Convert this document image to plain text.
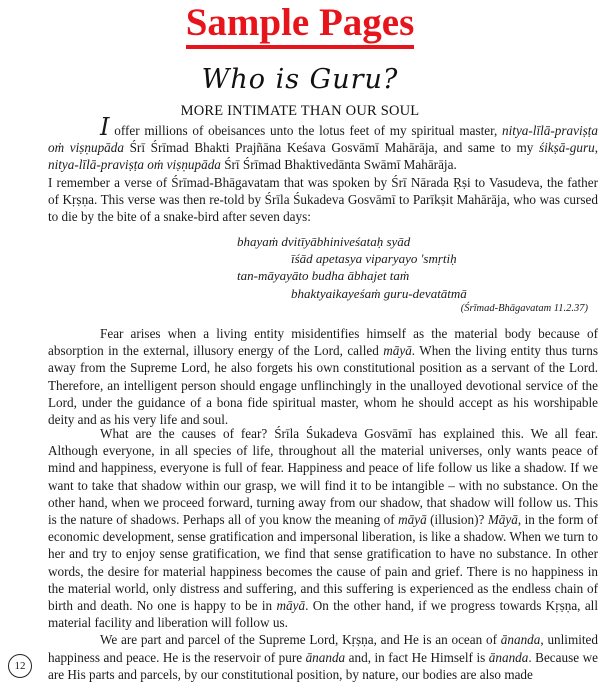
Sample Pages
Who is Guru?
MORE INTIMATE THAN OUR SOUL

I offer millions of obeisances unto the lotus feet of my spiritual master, nitya-līlā-praviṣṭa oṁ viṣṇupāda Śrī Śrīmad Bhakti Prajñāna Keśava Gosvāmī Mahārāja, and same to my śikṣā-guru, nitya-līlā-praviṣṭa oṁ viṣṇupāda Śrī Śrīmad Bhaktivedānta Swāmī Mahārāja.

I remember a verse of Śrīmad-Bhāgavatam that was spoken by Śrī Nārada Ṛṣi to Vasudeva, the father of Kṛṣṇa. This verse was then re-told by Śrīla Śukadeva Gosvāmī to Parīkṣit Mahārāja, who was cursed to die by the bite of a snake-bird after seven days:

bhayaṁ dvitīyābhiniveśataḥ syād
īśād apetasya viparyayo 'smṛtiḥ
tan-māyayāto budha ābhajet taṁ
bhaktyaikayeśaṁ guru-devatātmā
(Śrīmad-Bhāgavatam 11.2.37)

Fear arises when a living entity misidentifies himself as the material body because of absorption in the external, illusory energy of the Lord, called māyā. When the living entity thus turns away from the Supreme Lord, he also forgets his own constitutional position as a servant of the Lord. Therefore, an intelligent person should engage unflinchingly in the unalloyed devotional service of the Lord, under the guidance of a bona fide spiritual master, whom he should accept as his worshipable deity and as his very life and soul.

What are the causes of fear? Śrīla Śukadeva Gosvāmī has explained this. We all fear. Although everyone, in all species of life, throughout all the material universes, only wants peace of mind and happiness, everyone is full of fear. Happiness and peace of life follow us like a shadow. If we want to take that shadow within our grasp, we will find it to be intangible – with no substance. On the other hand, when we proceed forward, turning away from our shadow, that shadow will follow us. This is the nature of shadows. Perhaps all of you know the meaning of māyā (illusion)? Māyā, in the form of economic development, sense gratification and impersonal liberation, is like a shadow. When we turn to her and try to enjoy sense gratification, we find that sense gratification to have no substance. In other words, the desire for material happiness becomes the cause of pain and grief. There is no happiness in the material world, only distress and suffering, and this suffering is experienced as the endless chain of birth and death. No one is happy to be in māyā. On the other hand, if we progress towards Kṛṣṇa, all material facility and liberation will follow us.

We are part and parcel of the Supreme Lord, Kṛṣṇa, and He is an ocean of ānanda, unlimited happiness and peace. He is the reservoir of pure ānanda and, in fact He Himself is ānanda. Because we are His parts and parcels, by our constitutional position, by nature, our bodies are also made

12
